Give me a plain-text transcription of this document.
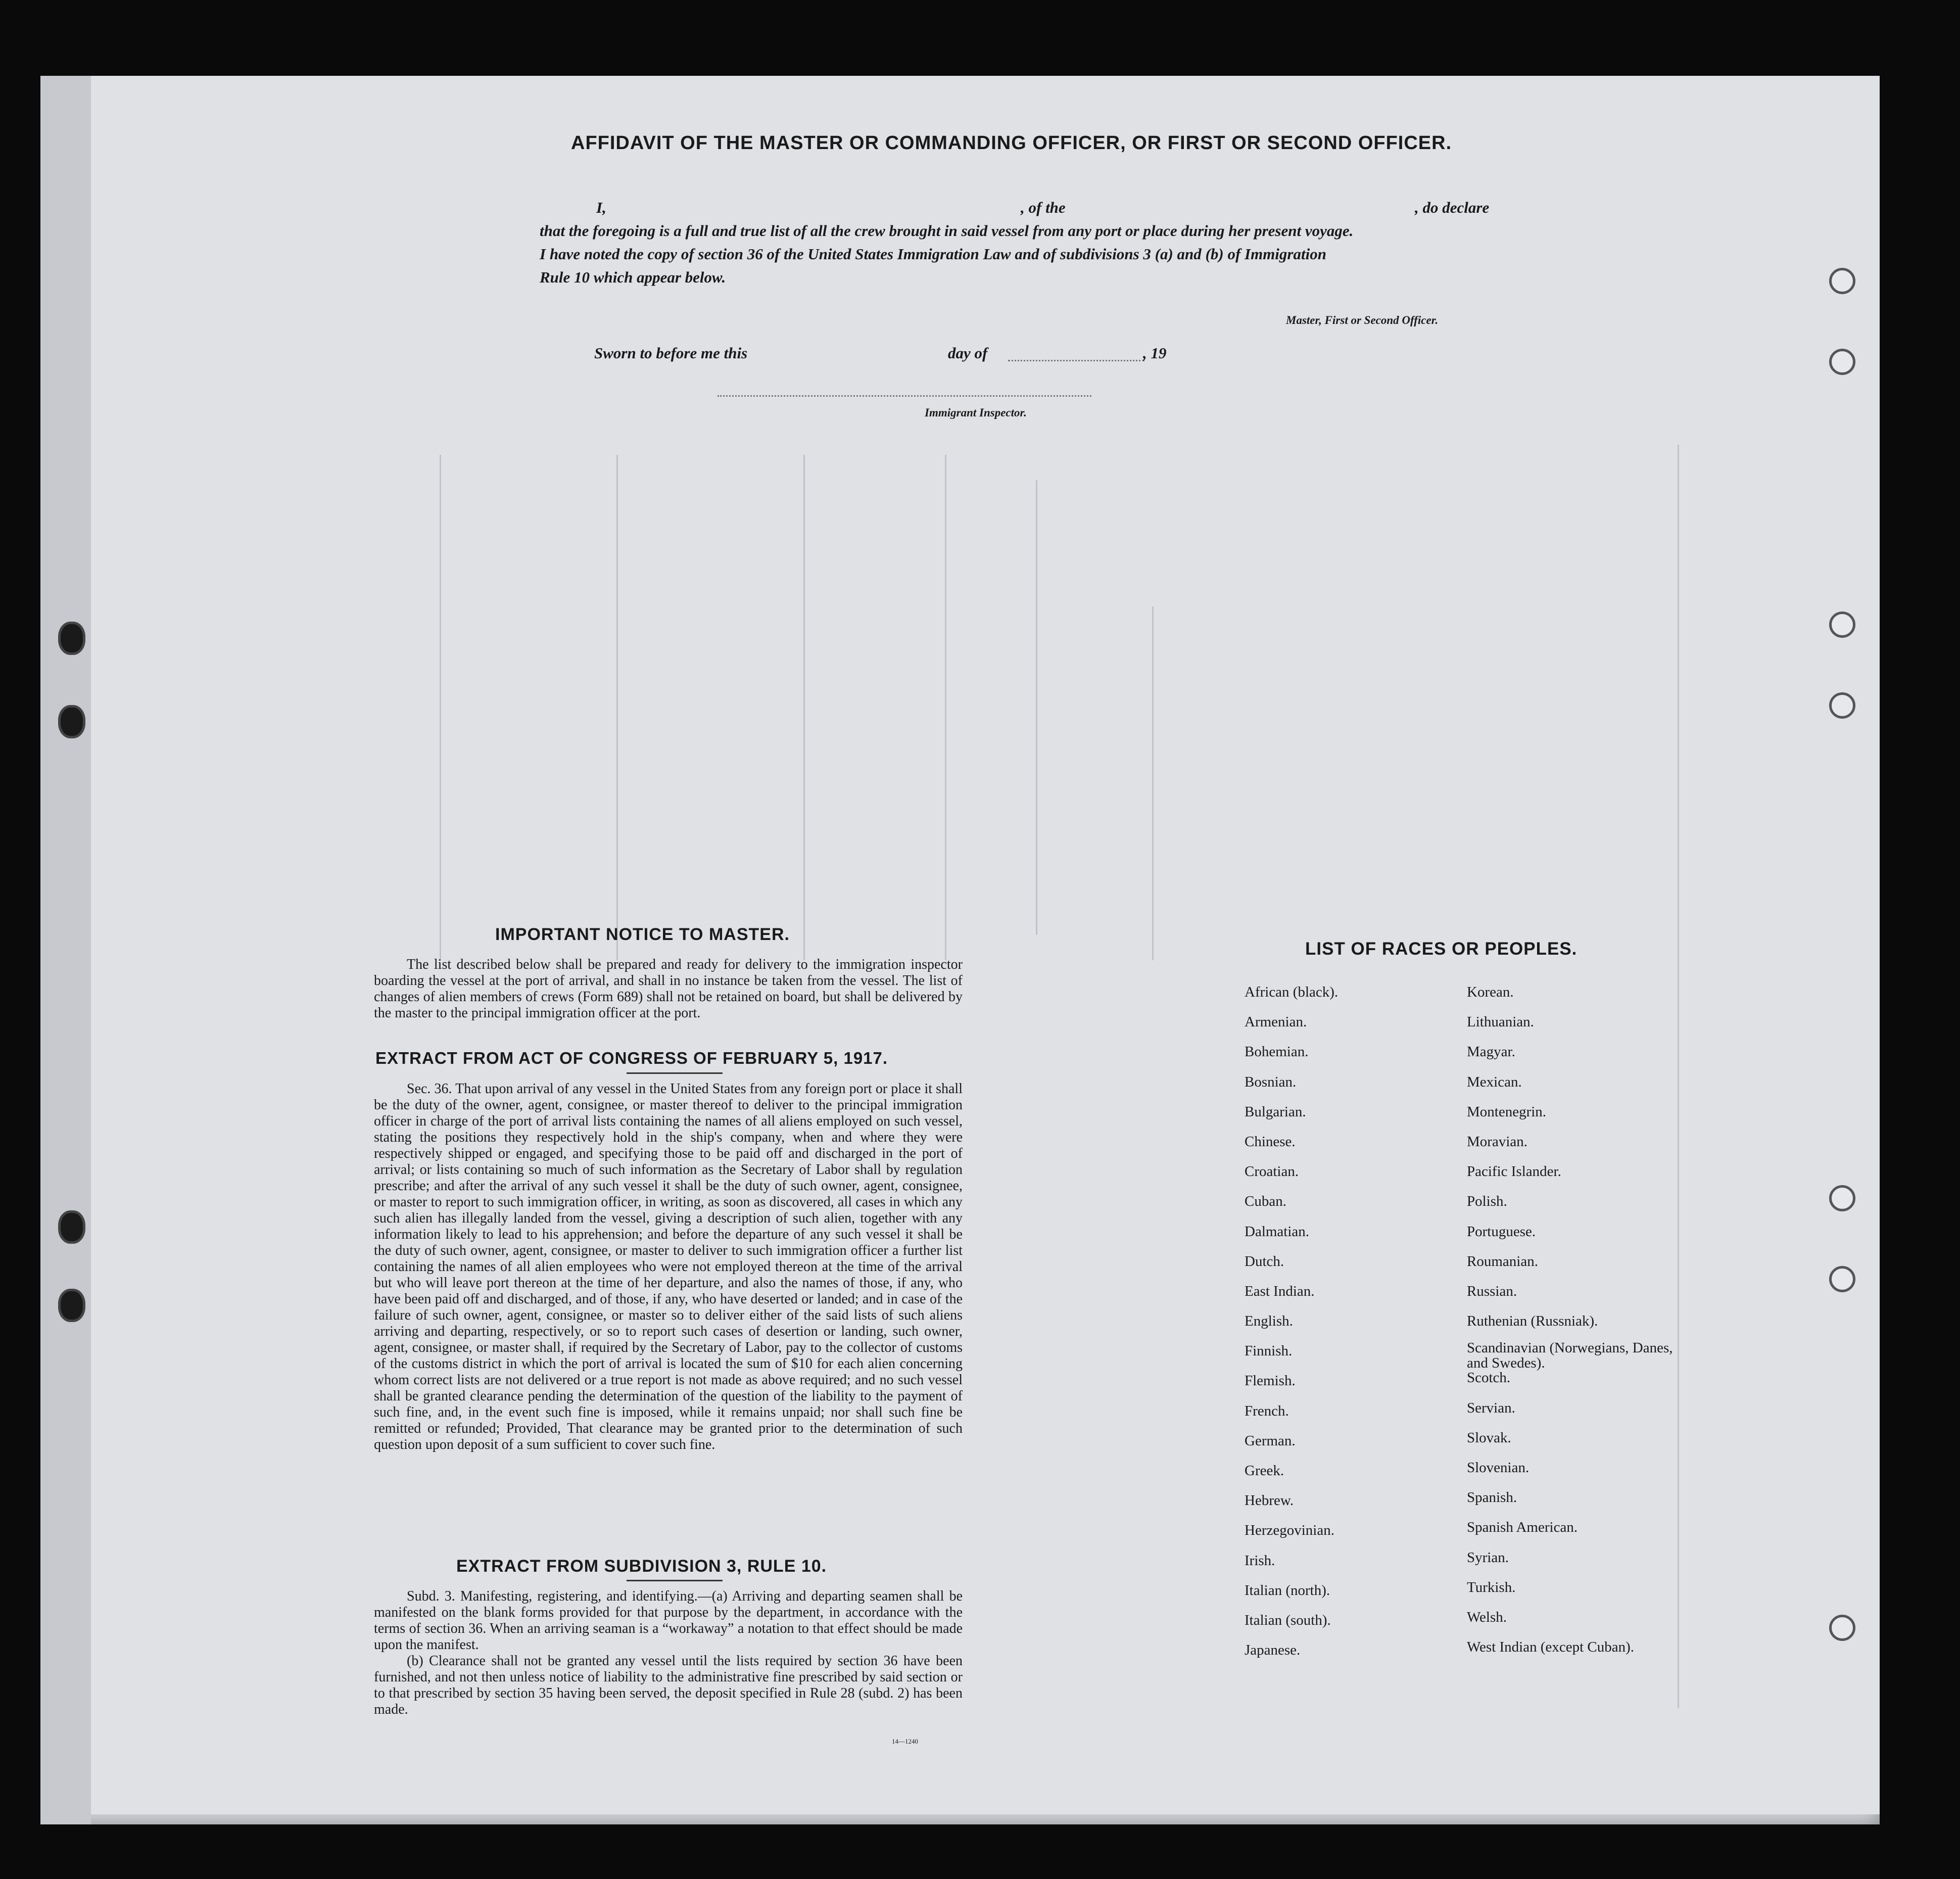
AFFIDAVIT OF THE MASTER OR COMMANDING OFFICER, OR FIRST OR SECOND OFFICER.
I,	, of the	, do declare
that the foregoing is a full and true list of all the crew brought in said vessel from any port or place during her present voyage.
I have noted the copy of section 36 of the United States Immigration Law and of subdivisions 3 (a) and (b) of Immigration
Rule 10 which appear below.
Master, First or Second Officer.
Sworn to before me this	day of	, 19
Immigrant Inspector.
IMPORTANT NOTICE TO MASTER.

The list described below shall be prepared and ready for delivery to the immigration inspector boarding the vessel at the port of arrival, and shall in no instance be taken from the vessel. The list of changes of alien members of crews (Form 689) shall not be retained on board, but shall be delivered by the master to the principal immigration officer at the port.

EXTRACT FROM ACT OF CONGRESS OF FEBRUARY 5, 1917.

Sec. 36. That upon arrival of any vessel in the United States from any foreign port or place it shall be the duty of the owner, agent, consignee, or master thereof to deliver to the principal immigration officer in charge of the port of arrival lists containing the names of all aliens employed on such vessel, stating the positions they respectively hold in the ship's company, when and where they were respectively shipped or engaged, and specifying those to be paid off and discharged in the port of arrival; or lists containing so much of such information as the Secretary of Labor shall by regulation prescribe; and after the arrival of any such vessel it shall be the duty of such owner, agent, consignee, or master to report to such immigration officer, in writing, as soon as discovered, all cases in which any such alien has illegally landed from the vessel, giving a description of such alien, together with any information likely to lead to his apprehension; and before the departure of any such vessel it shall be the duty of such owner, agent, consignee, or master to deliver to such immigration officer a further list containing the names of all alien employees who were not employed thereon at the time of the arrival but who will leave port thereon at the time of her departure, and also the names of those, if any, who have been paid off and discharged, and of those, if any, who have deserted or landed; and in case of the failure of such owner, agent, consignee, or master so to deliver either of the said lists of such aliens arriving and departing, respectively, or so to report such cases of desertion or landing, such owner, agent, consignee, or master shall, if required by the Secretary of Labor, pay to the collector of customs of the customs district in which the port of arrival is located the sum of $10 for each alien concerning whom correct lists are not delivered or a true report is not made as above required; and no such vessel shall be granted clearance pending the determination of the question of the liability to the payment of such fine, and, in the event such fine is imposed, while it remains unpaid; nor shall such fine be remitted or refunded; Provided, That clearance may be granted prior to the determination of such question upon deposit of a sum sufficient to cover such fine.

EXTRACT FROM SUBDIVISION 3, RULE 10.

Subd. 3. Manifesting, registering, and identifying.—(a) Arriving and departing seamen shall be manifested on the blank forms provided for that purpose by the department, in accordance with the terms of section 36. When an arriving seaman is a “workaway” a notation to that effect should be made upon the manifest.

(b) Clearance shall not be granted any vessel until the lists required by section 36 have been furnished, and not then unless notice of liability to the administrative fine prescribed by said section or to that prescribed by section 35 having been served, the deposit specified in Rule 28 (subd. 2) has been made.

14—1240
LIST OF RACES OR PEOPLES.
African (black).
Armenian.
Bohemian.
Bosnian.
Bulgarian.
Chinese.
Croatian.
Cuban.
Dalmatian.
Dutch.
East Indian.
English.
Finnish.
Flemish.
French.
German.
Greek.
Hebrew.
Herzegovinian.
Irish.
Italian (north).
Italian (south).
Japanese.
Korean.
Lithuanian.
Magyar.
Mexican.
Montenegrin.
Moravian.
Pacific Islander.
Polish.
Portuguese.
Roumanian.
Russian.
Ruthenian (Russniak).
Scandinavian (Norwegians, Danes, and Swedes).
Scotch.
Servian.
Slovak.
Slovenian.
Spanish.
Spanish American.
Syrian.
Turkish.
Welsh.
West Indian (except Cuban).
